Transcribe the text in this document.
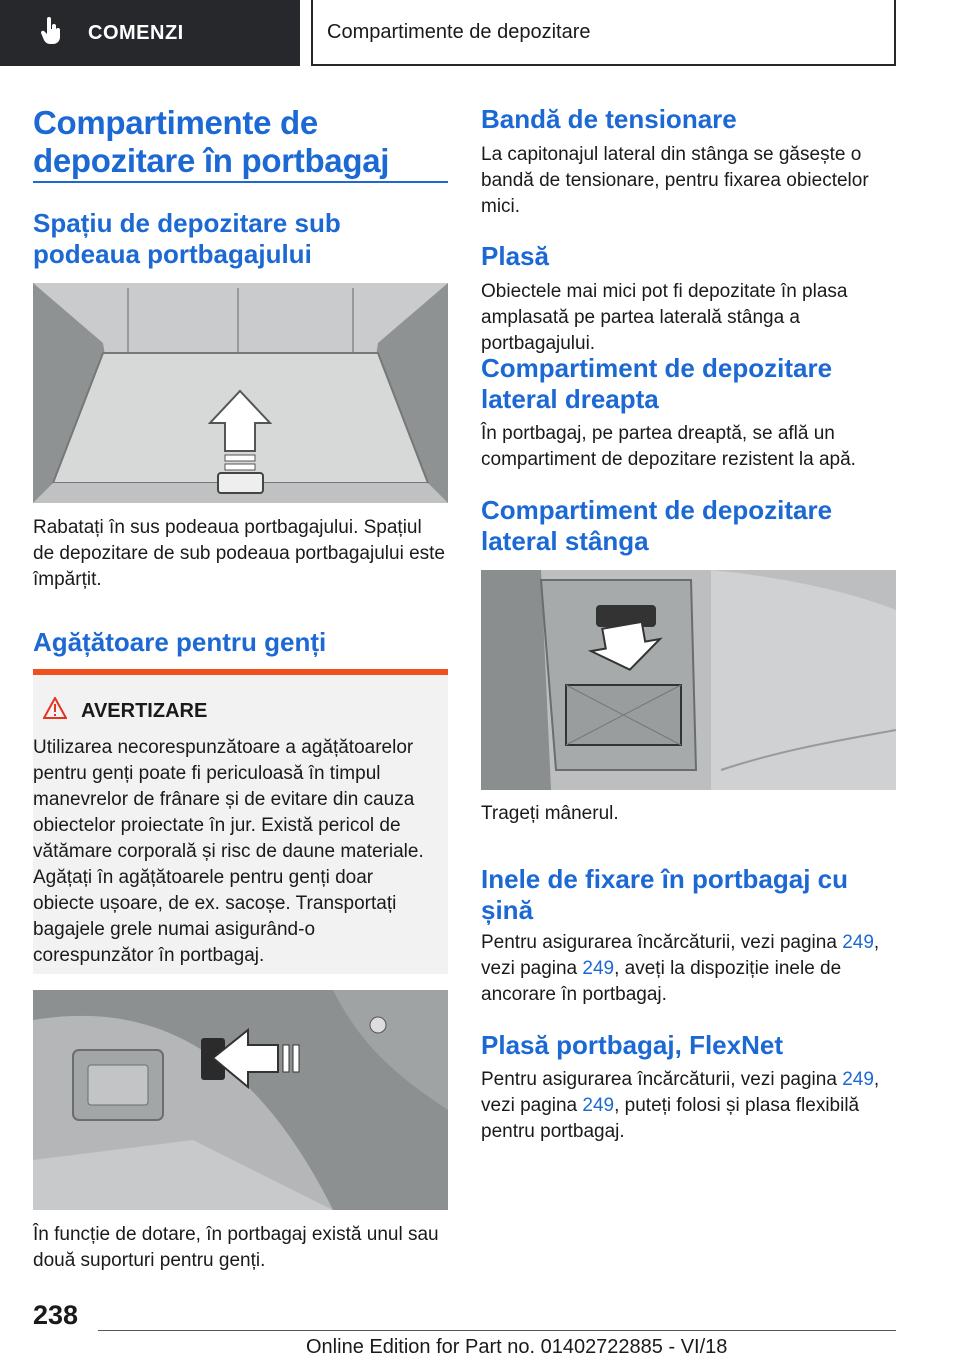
COMENZI	Compartimente de depozitare
Compartimente de depozitare în portbagaj
Spațiu de depozitare sub podeaua portbagajului
Rabatați în sus podeaua portbagajului. Spațiul de depozitare de sub podeaua portbagajului este împărțit.
Agățătoare pentru genți
AVERTIZARE
Utilizarea necorespunzătoare a agățătoarelor pentru genți poate fi periculoasă în timpul manevrelor de frânare și de evitare din cauza obiectelor proiectate în jur. Există pericol de vătămare corporală și risc de daune materiale. Agățați în agățătoarele pentru genți doar obiecte ușoare, de ex. sacoșe. Transportați bagajele grele numai asigurând-o corespunzător în portbagaj.
În funcție de dotare, în portbagaj există unul sau două suporturi pentru genți.
Bandă de tensionare
La capitonajul lateral din stânga se găsește o bandă de tensionare, pentru fixarea obiectelor mici.
Plasă
Obiectele mai mici pot fi depozitate în plasa amplasată pe partea laterală stânga a portbagajului.
Compartiment de depozitare lateral dreapta
În portbagaj, pe partea dreaptă, se află un compartiment de depozitare rezistent la apă.
Compartiment de depozitare lateral stânga
Trageți mânerul.
Inele de fixare în portbagaj cu șină
Pentru asigurarea încărcăturii, vezi pagina 249,
vezi pagina 249, aveți la dispoziție inele de ancorare în portbagaj.
Plasă portbagaj, FlexNet
Pentru asigurarea încărcăturii, vezi pagina 249,
vezi pagina 249, puteți folosi și plasa flexibilă pentru portbagaj.
238
Online Edition for Part no. 01402722885 - VI/18
